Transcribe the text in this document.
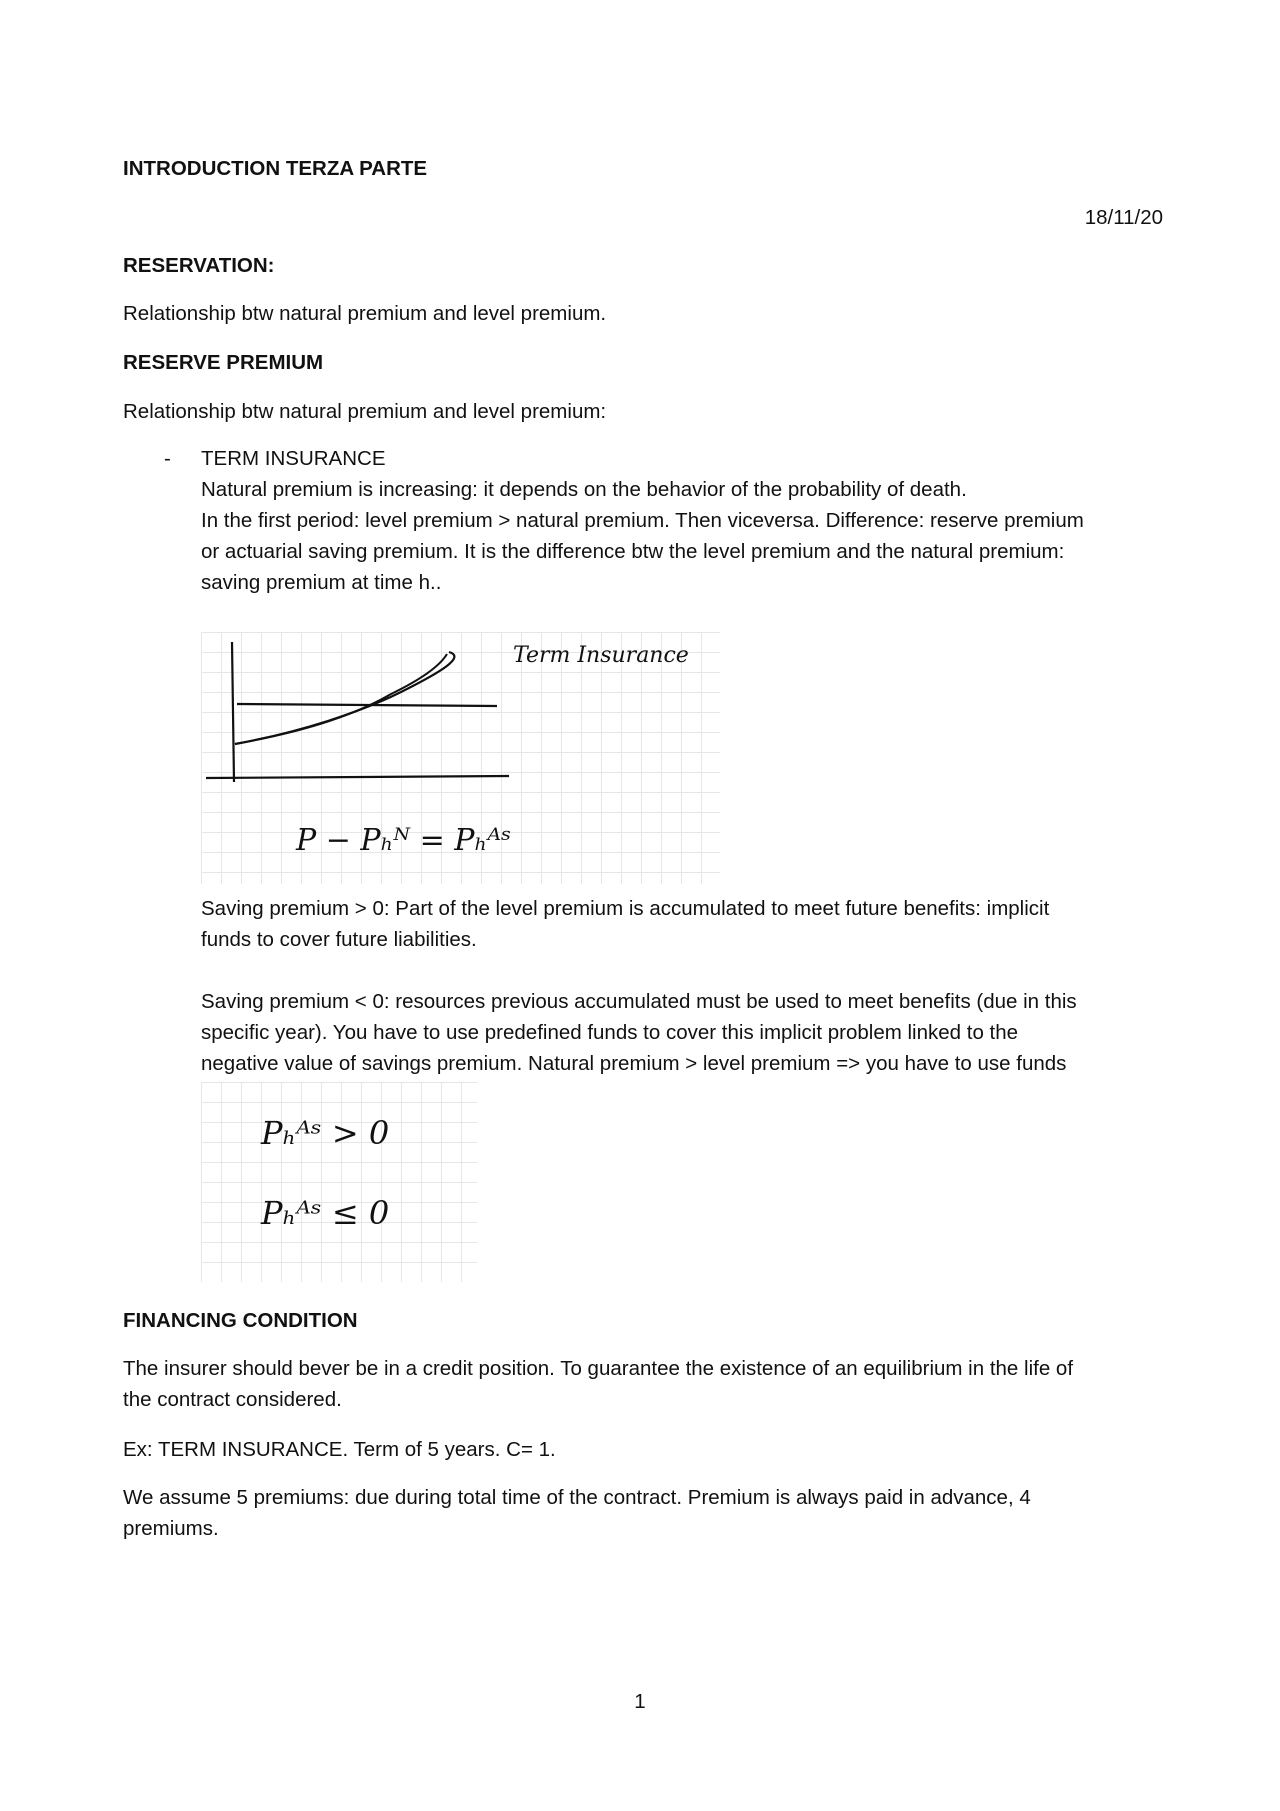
INTRODUCTION TERZA PARTE

18/11/20

RESERVATION:

Relationship btw natural premium and level premium.

RESERVE PREMIUM

Relationship btw natural premium and level premium:

- TERM INSURANCE
Natural premium is increasing: it depends on the behavior of the probability of death.
In the first period: level premium > natural premium. Then viceversa. Difference: reserve premium
or actuarial saving premium. It is the difference btw the level premium and the natural premium:
saving premium at time h..
Term Insurance
P − Pₕᴺ = Pₕᴬˢ
Saving premium > 0: Part of the level premium is accumulated to meet future benefits: implicit
funds to cover future liabilities.
Saving premium < 0: resources previous accumulated must be used to meet benefits (due in this
specific year). You have to use predefined funds to cover this implicit problem linked to the
negative value of savings premium. Natural premium > level premium => you have to use funds
Pₕᴬˢ > 0
Pₕᴬˢ ≤ 0

FINANCING CONDITION

The insurer should bever be in a credit position. To guarantee the existence of an equilibrium in the life of
the contract considered.

Ex: TERM INSURANCE. Term of 5 years. C= 1.

We assume 5 premiums: due during total time of the contract. Premium is always paid in advance, 4
premiums.
1
